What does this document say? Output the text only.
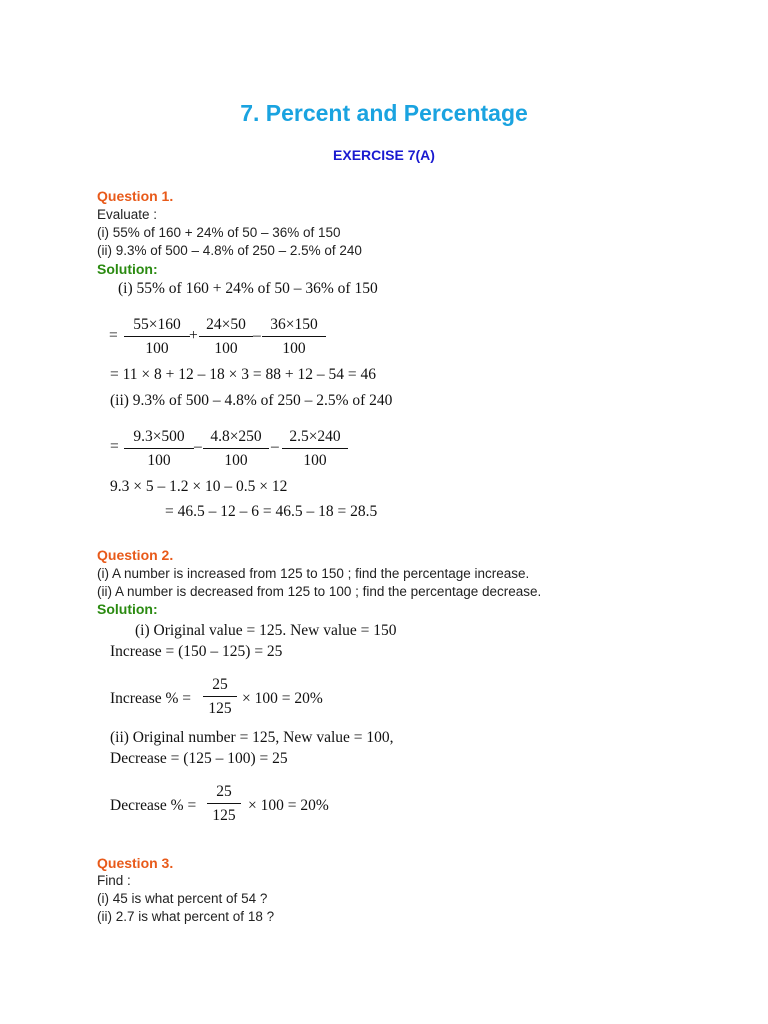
7. Percent and Percentage
EXERCISE 7(A)
Question 1.
Evaluate :
(i) 55% of 160 + 24% of 50 – 36% of 150
(ii) 9.3% of 500 – 4.8% of 250 – 2.5% of 240
Solution:
(i) 55% of 160 + 24% of 50 – 36% of 150
=
55×160
100
+
24×50
100
–
36×150
100
= 11 × 8 + 12 – 18 × 3 = 88 + 12 – 54 = 46
(ii) 9.3% of 500 – 4.8% of 250 – 2.5% of 240
=
9.3×500
100
–
4.8×250
100
–
2.5×240
100
9.3 × 5 – 1.2 × 10 – 0.5 × 12
= 46.5 – 12 – 6 = 46.5 – 18 = 28.5
Question 2.
(i) A number is increased from 125 to 150 ; find the percentage increase.
(ii) A number is decreased from 125 to 100 ; find the percentage decrease.
Solution:
(i) Original value = 125. New value = 150
Increase = (150 – 125) = 25
Increase % =
25
125
× 100 = 20%
(ii) Original number = 125, New value = 100,
Decrease = (125 – 100) = 25
Decrease % =
25
125
× 100 = 20%
Question 3.
Find :
(i) 45 is what percent of 54 ?
(ii) 2.7 is what percent of 18 ?
